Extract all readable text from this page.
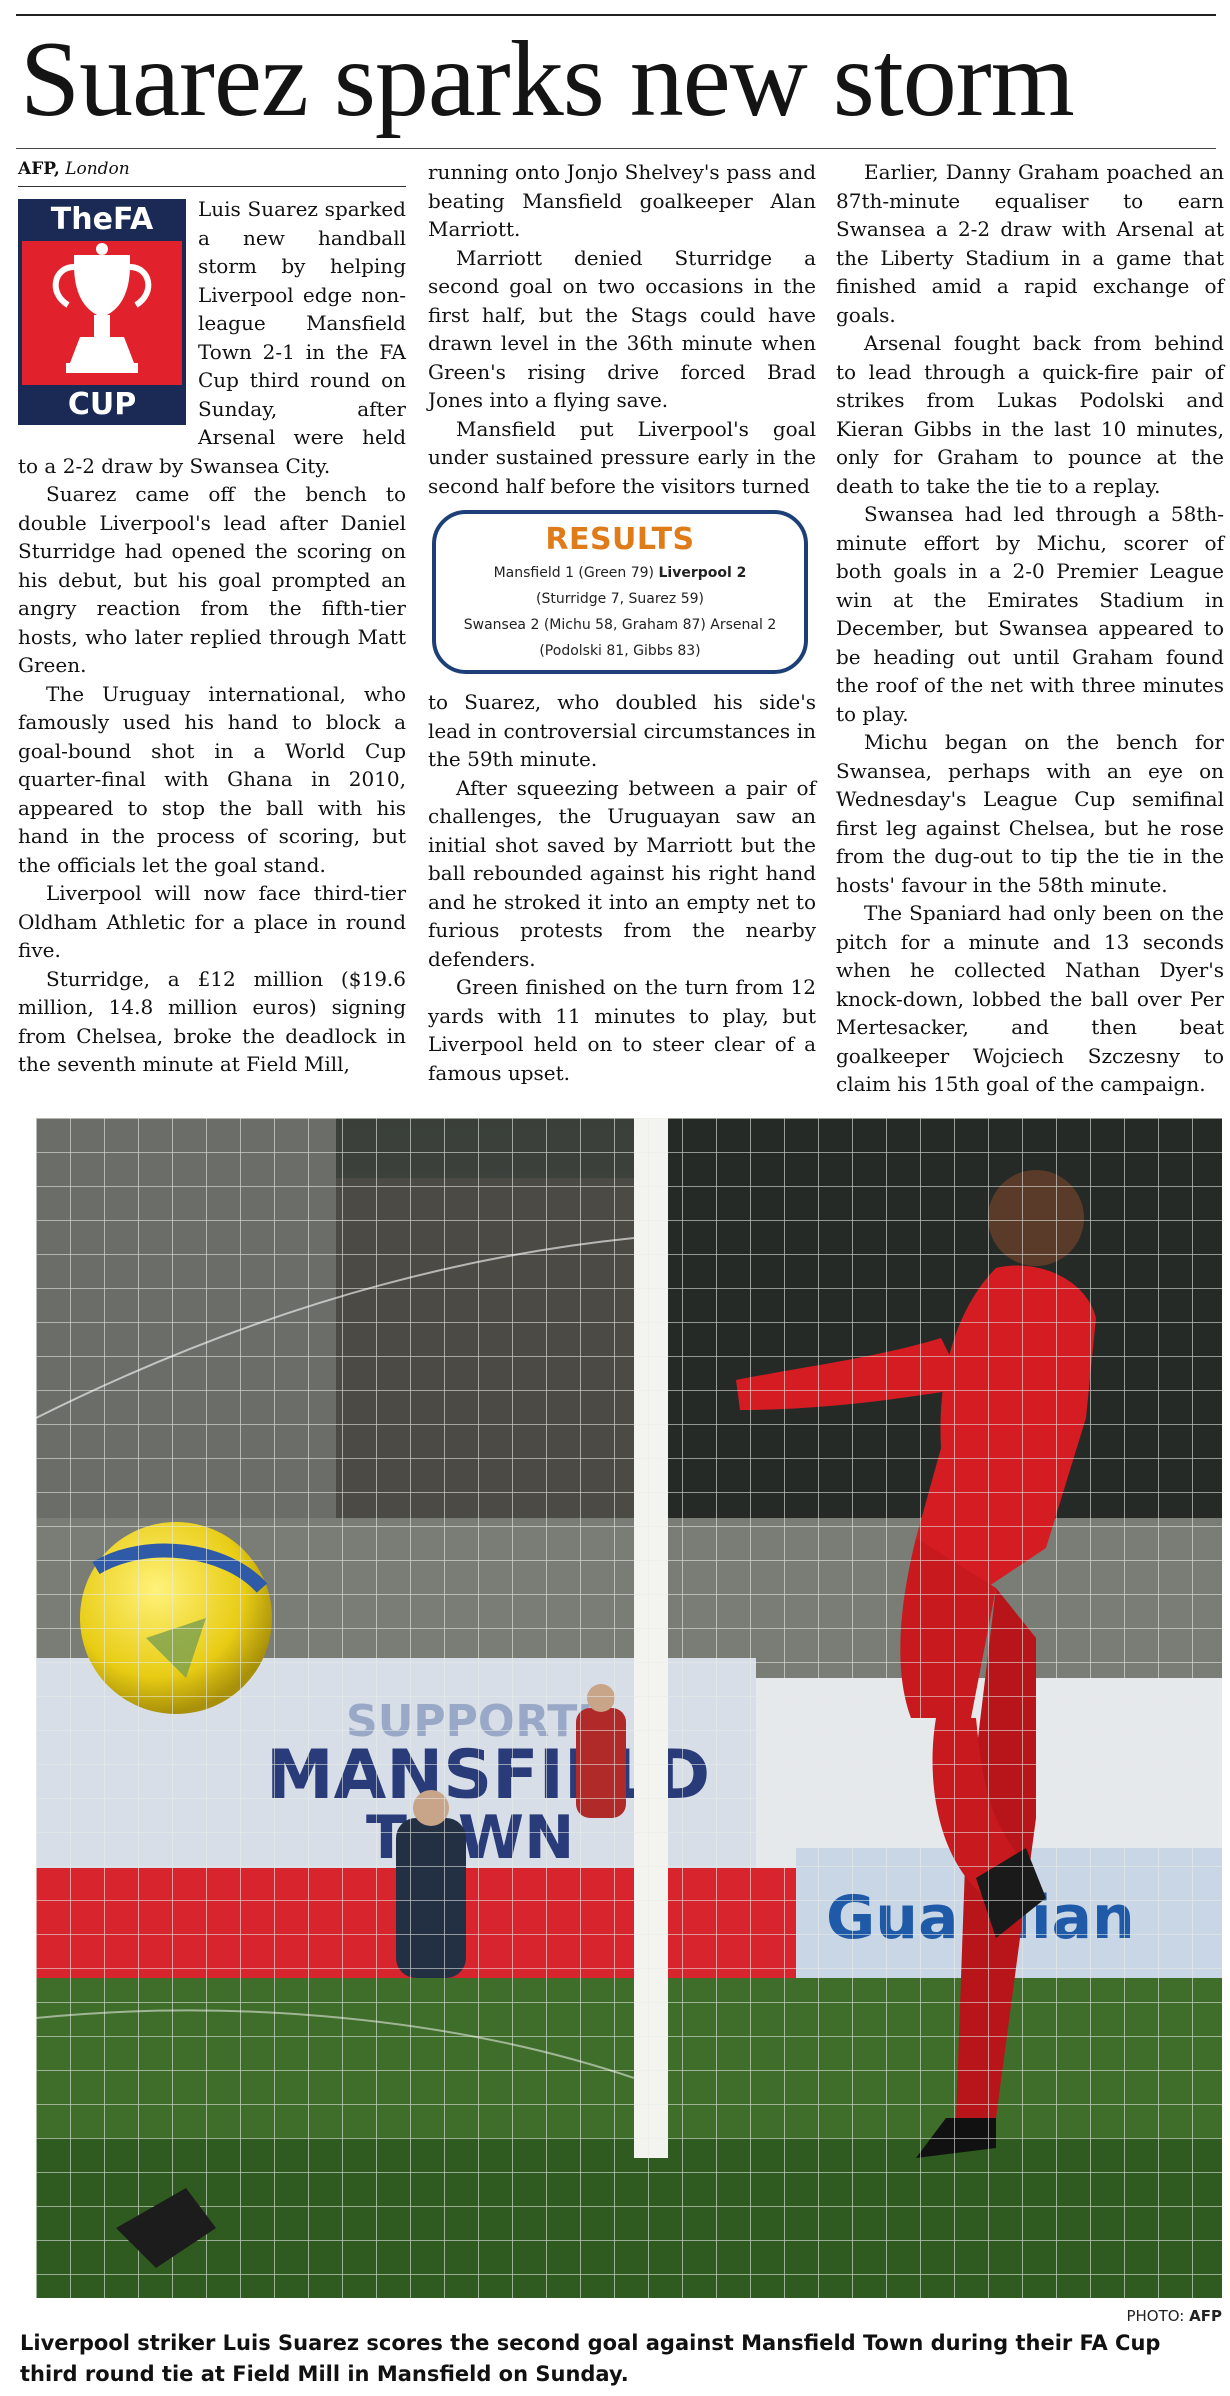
Suarez sparks new storm
AFP, London
TheFA
CUP

Luis Suarez sparked a new handball storm by helping Liverpool edge non-league Mansfield Town 2-1 in the FA Cup third round on Sunday, after Arsenal were held to a 2-2 draw by Swansea City.

Suarez came off the bench to double Liverpool's lead after Daniel Sturridge had opened the scoring on his debut, but his goal prompted an angry reaction from the fifth-tier hosts, who later replied through Matt Green.

The Uruguay international, who famously used his hand to block a goal-bound shot in a World Cup quarter-final with Ghana in 2010, appeared to stop the ball with his hand in the process of scoring, but the officials let the goal stand.

Liverpool will now face third-tier Oldham Athletic for a place in round five.

Sturridge, a £12 million ($19.6 million, 14.8 million euros) signing from Chelsea, broke the deadlock in the seventh minute at Field Mill,

running onto Jonjo Shelvey's pass and beating Mansfield goalkeeper Alan Marriott.

Marriott denied Sturridge a second goal on two occasions in the first half, but the Stags could have drawn level in the 36th minute when Green's rising drive forced Brad Jones into a flying save.

Mansfield put Liverpool's goal under sustained pressure early in the second half before the visitors turned

RESULTS
Mansfield 1 (Green 79) Liverpool 2
(Sturridge 7, Suarez 59)
Swansea 2 (Michu 58, Graham 87) Arsenal 2
(Podolski 81, Gibbs 83)

to Suarez, who doubled his side's lead in controversial circumstances in the 59th minute.

After squeezing between a pair of challenges, the Uruguayan saw an initial shot saved by Marriott but the ball rebounded against his right hand and he stroked it into an empty net to furious protests from the nearby defenders.

Green finished on the turn from 12 yards with 11 minutes to play, but Liverpool held on to steer clear of a famous upset.

Earlier, Danny Graham poached an 87th-minute equaliser to earn Swansea a 2-2 draw with Arsenal at the Liberty Stadium in a game that finished amid a rapid exchange of goals.

Arsenal fought back from behind to lead through a quick-fire pair of strikes from Lukas Podolski and Kieran Gibbs in the last 10 minutes, only for Graham to pounce at the death to take the tie to a replay.

Swansea had led through a 58th-minute effort by Michu, scorer of both goals in a 2-0 Premier League win at the Emirates Stadium in December, but Swansea appeared to be heading out until Graham found the roof of the net with three minutes to play.

Michu began on the bench for Swansea, perhaps with an eye on Wednesday's League Cup semifinal first leg against Chelsea, but he rose from the dug-out to tip the tie in the hosts' favour in the 58th minute.

The Spaniard had only been on the pitch for a minute and 13 seconds when he collected Nathan Dyer's knock-down, lobbed the ball over Per Mertesacker, and then beat goalkeeper Wojciech Szczesny to claim his 15th goal of the campaign.

PHOTO: AFP
Liverpool striker Luis Suarez scores the second goal against Mansfield Town during their FA Cup third round tie at Field Mill in Mansfield on Sunday.
